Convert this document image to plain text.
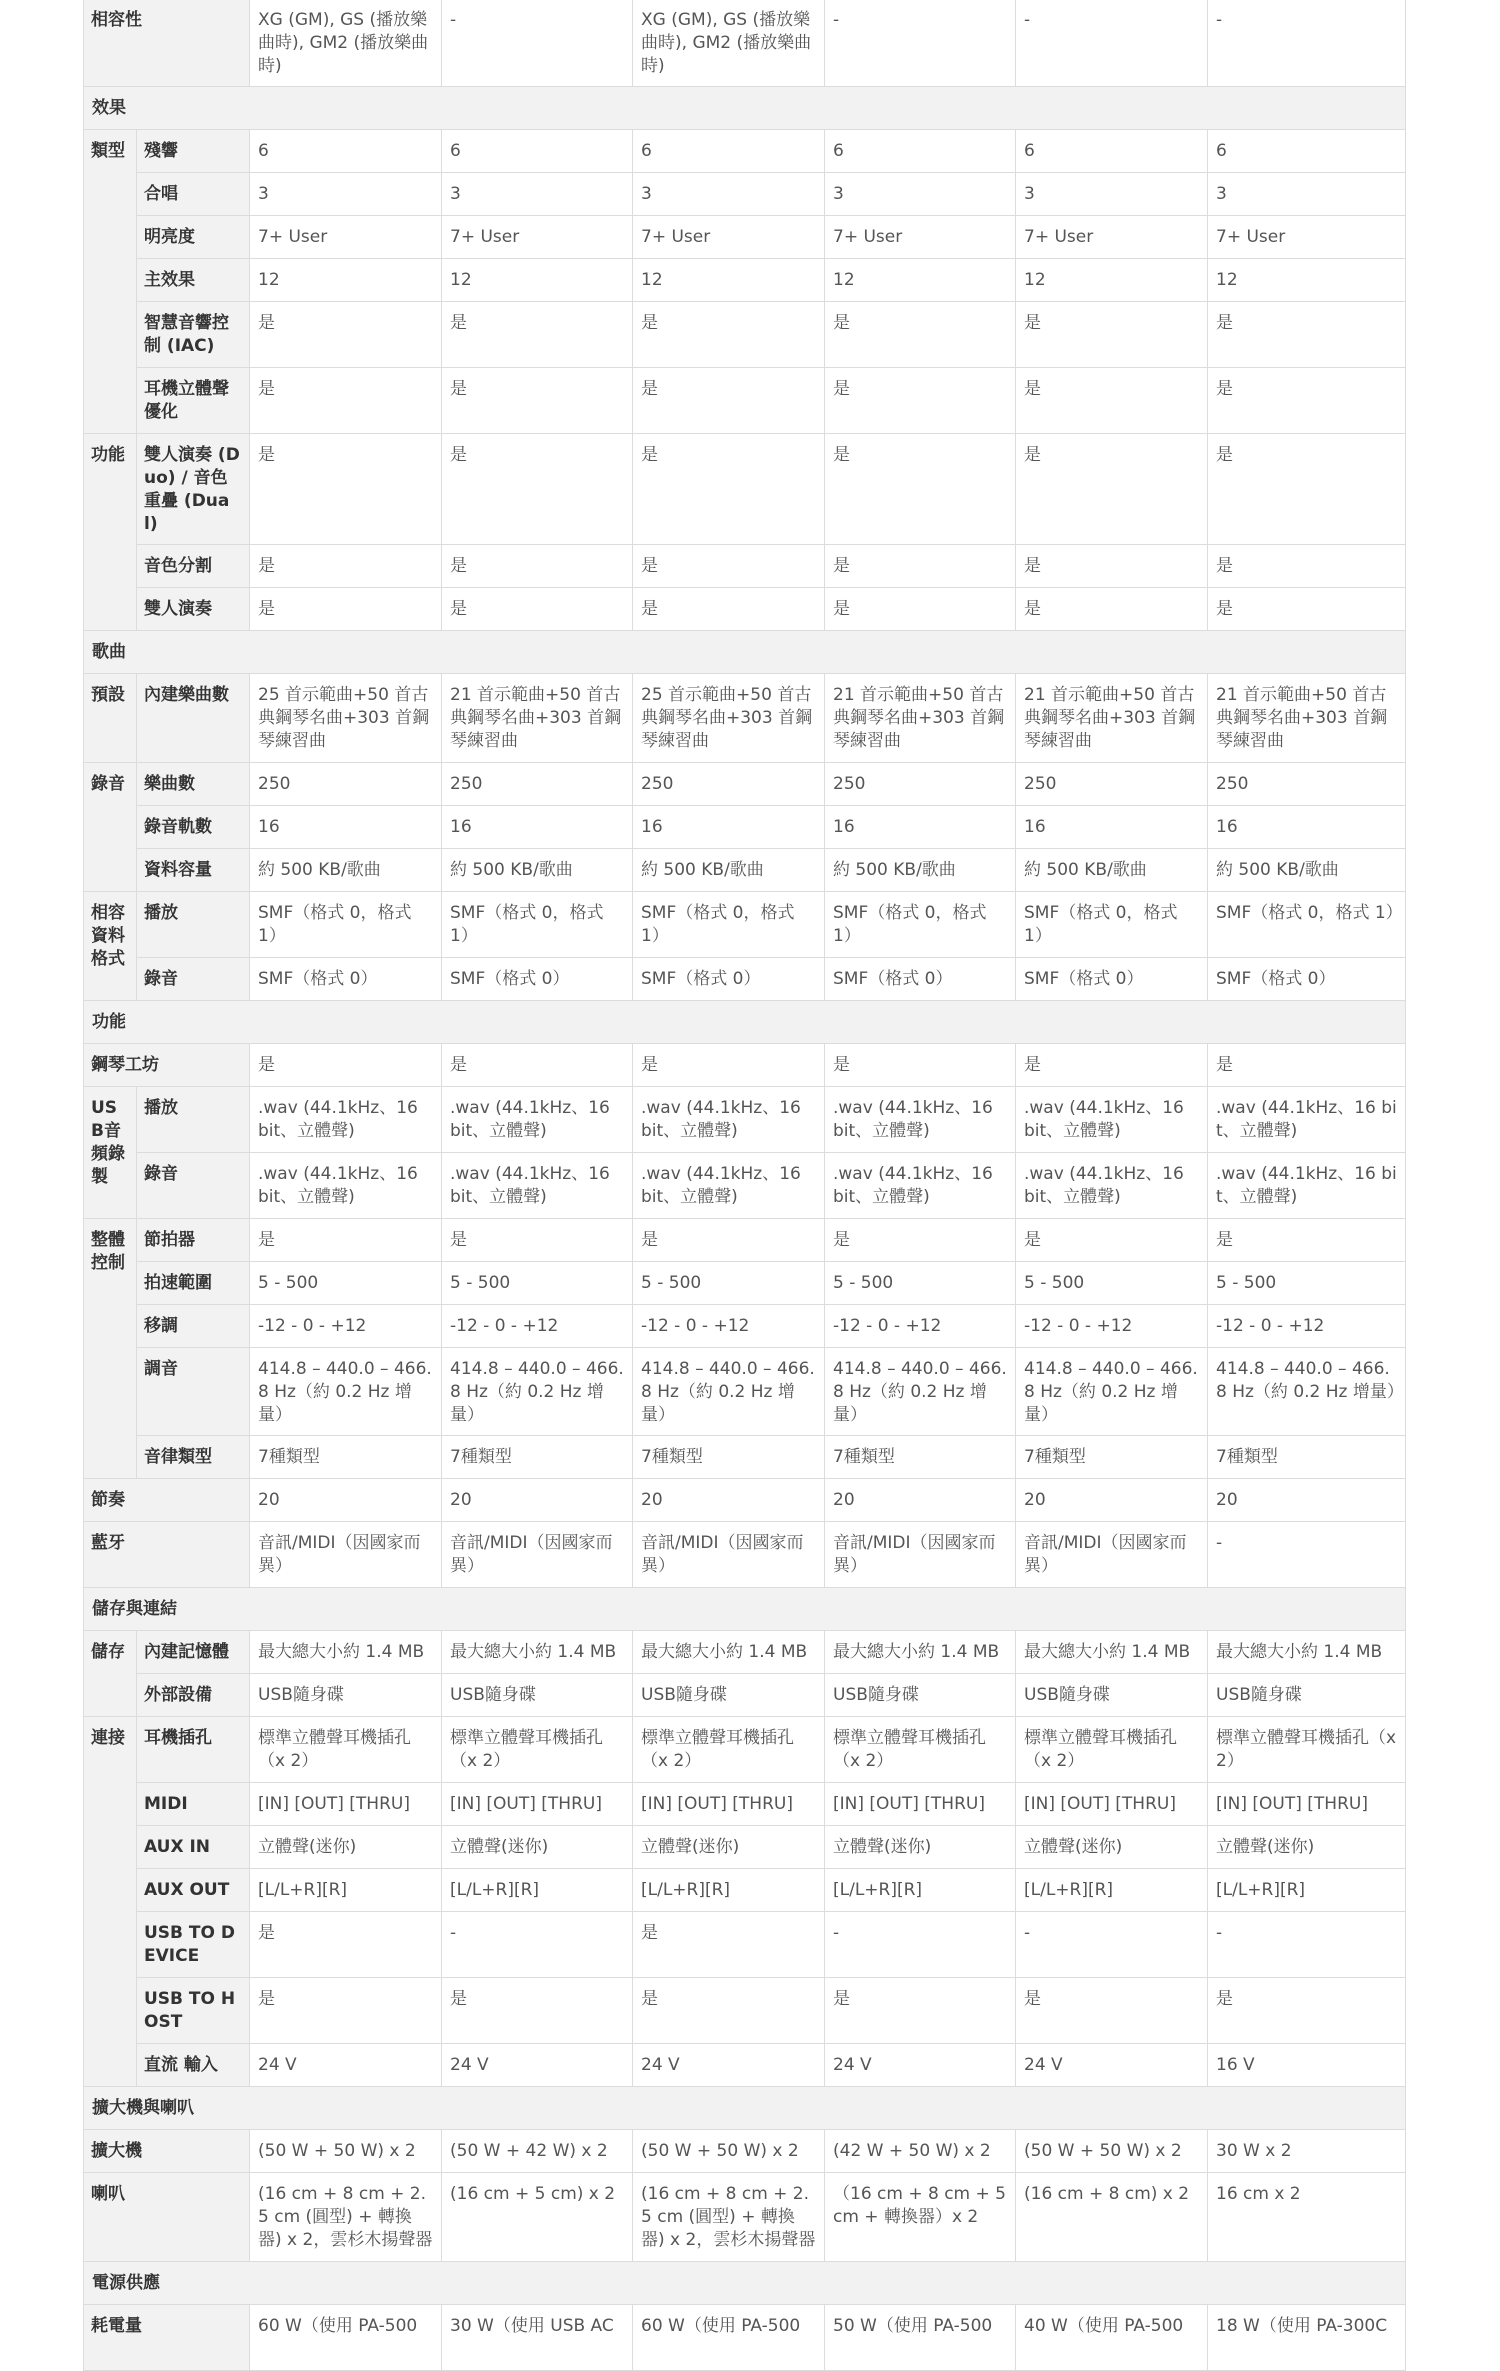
相容性		XG (GM), GS (播放樂曲時), GM2 (播放樂曲時)	-	XG (GM), GS (播放樂曲時), GM2 (播放樂曲時)	-	-	-
效果							
類型	殘響	6	6	6	6	6	6
	合唱	3	3	3	3	3	3
	明亮度	7+ User	7+ User	7+ User	7+ User	7+ User	7+ User
	主效果	12	12	12	12	12	12
	智慧音響控制 (IAC)	是	是	是	是	是	是
	耳機立體聲優化	是	是	是	是	是	是
功能	雙人演奏 (Duo) / 音色重疊 (Dual)	是	是	是	是	是	是
	音色分割	是	是	是	是	是	是
	雙人演奏	是	是	是	是	是	是
歌曲							
預設	內建樂曲數	25 首示範曲+50 首古典鋼琴名曲+303 首鋼琴練習曲	21 首示範曲+50 首古典鋼琴名曲+303 首鋼琴練習曲	25 首示範曲+50 首古典鋼琴名曲+303 首鋼琴練習曲	21 首示範曲+50 首古典鋼琴名曲+303 首鋼琴練習曲	21 首示範曲+50 首古典鋼琴名曲+303 首鋼琴練習曲	21 首示範曲+50 首古典鋼琴名曲+303 首鋼琴練習曲
錄音	樂曲數	250	250	250	250	250	250
	錄音軌數	16	16	16	16	16	16
	資料容量	約 500 KB/歌曲	約 500 KB/歌曲	約 500 KB/歌曲	約 500 KB/歌曲	約 500 KB/歌曲	約 500 KB/歌曲
相容資料格式	播放	SMF（格式 0，格式 1）	SMF（格式 0，格式 1）	SMF（格式 0，格式 1）	SMF（格式 0，格式 1）	SMF（格式 0，格式 1）	SMF（格式 0，格式 1）
	錄音	SMF（格式 0）	SMF（格式 0）	SMF（格式 0）	SMF（格式 0）	SMF（格式 0）	SMF（格式 0）
功能							
鋼琴工坊		是	是	是	是	是	是
USB音頻錄製	播放	.wav (44.1kHz、16 bit、立體聲)	.wav (44.1kHz、16 bit、立體聲)	.wav (44.1kHz、16 bit、立體聲)	.wav (44.1kHz、16 bit、立體聲)	.wav (44.1kHz、16 bit、立體聲)	.wav (44.1kHz、16 bit、立體聲)
	錄音	.wav (44.1kHz、16 bit、立體聲)	.wav (44.1kHz、16 bit、立體聲)	.wav (44.1kHz、16 bit、立體聲)	.wav (44.1kHz、16 bit、立體聲)	.wav (44.1kHz、16 bit、立體聲)	.wav (44.1kHz、16 bit、立體聲)
整體控制	節拍器	是	是	是	是	是	是
	拍速範圍	5 - 500	5 - 500	5 - 500	5 - 500	5 - 500	5 - 500
	移調	-12 - 0 - +12	-12 - 0 - +12	-12 - 0 - +12	-12 - 0 - +12	-12 - 0 - +12	-12 - 0 - +12
	調音	414.8 – 440.0 – 466.8 Hz（約 0.2 Hz 增量）	414.8 – 440.0 – 466.8 Hz（約 0.2 Hz 增量）	414.8 – 440.0 – 466.8 Hz（約 0.2 Hz 增量）	414.8 – 440.0 – 466.8 Hz（約 0.2 Hz 增量）	414.8 – 440.0 – 466.8 Hz（約 0.2 Hz 增量）	414.8 – 440.0 – 466.8 Hz（約 0.2 Hz 增量）
	音律類型	7種類型	7種類型	7種類型	7種類型	7種類型	7種類型
節奏		20	20	20	20	20	20
藍牙		音訊/MIDI（因國家而異）	音訊/MIDI（因國家而異）	音訊/MIDI（因國家而異）	音訊/MIDI（因國家而異）	音訊/MIDI（因國家而異）	-
儲存與連結							
儲存	內建記憶體	最大總大小約 1.4 MB	最大總大小約 1.4 MB	最大總大小約 1.4 MB	最大總大小約 1.4 MB	最大總大小約 1.4 MB	最大總大小約 1.4 MB
	外部設備	USB隨身碟	USB隨身碟	USB隨身碟	USB隨身碟	USB隨身碟	USB隨身碟
連接	耳機插孔	標準立體聲耳機插孔（x 2）	標準立體聲耳機插孔（x 2）	標準立體聲耳機插孔（x 2）	標準立體聲耳機插孔（x 2）	標準立體聲耳機插孔（x 2）	標準立體聲耳機插孔（x 2）
	MIDI	[IN] [OUT] [THRU]	[IN] [OUT] [THRU]	[IN] [OUT] [THRU]	[IN] [OUT] [THRU]	[IN] [OUT] [THRU]	[IN] [OUT] [THRU]
	AUX IN	立體聲(迷你)	立體聲(迷你)	立體聲(迷你)	立體聲(迷你)	立體聲(迷你)	立體聲(迷你)
	AUX OUT	[L/L+R][R]	[L/L+R][R]	[L/L+R][R]	[L/L+R][R]	[L/L+R][R]	[L/L+R][R]
	USB TO DEVICE	是	-	是	-	-	-
	USB TO HOST	是	是	是	是	是	是
	直流 輸入	24 V	24 V	24 V	24 V	24 V	16 V
擴大機與喇叭							
擴大機		(50 W + 50 W) x 2	(50 W + 42 W) x 2	(50 W + 50 W) x 2	(42 W + 50 W) x 2	(50 W + 50 W) x 2	30 W x 2
喇叭		(16 cm + 8 cm + 2.5 cm (圓型) + 轉換器) x 2，雲杉木揚聲器	(16 cm + 5 cm) x 2	(16 cm + 8 cm + 2.5 cm (圓型) + 轉換器) x 2，雲杉木揚聲器	（16 cm + 8 cm + 5 cm + 轉換器）x 2	(16 cm + 8 cm) x 2	16 cm x 2
電源供應							
耗電量		60 W（使用 PA-500	30 W（使用 USB AC	60 W（使用 PA-500	50 W（使用 PA-500	40 W（使用 PA-500	18 W（使用 PA-300C
